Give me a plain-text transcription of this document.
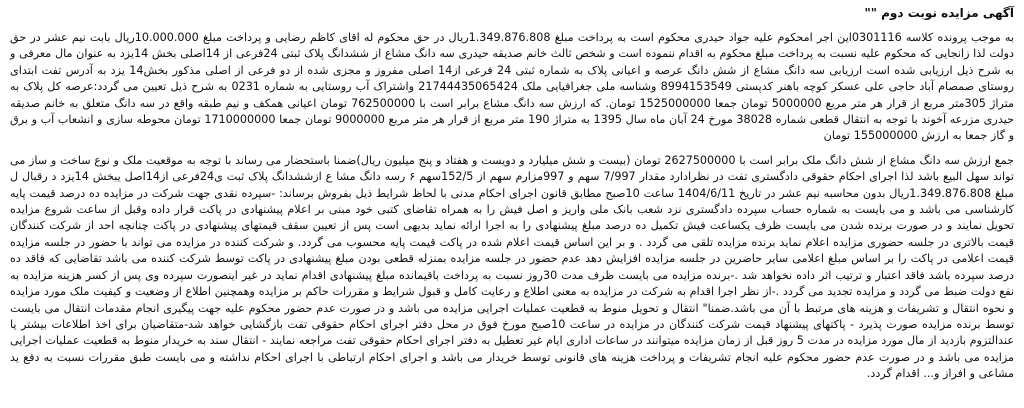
آگهی مزایده نوبت دوم ""

به موجب پرونده کلاسه 0301116این اجر امحکوم علیه جواد حیدری محکوم است به پرداخت مبلغ 1.349.876.808ریال در حق محکوم له اقای کاظم رضایی و پرداخت مبلغ 10.000.000ریال بابت نیم عشر در حق دولت لذا زانجایی که محکوم علیه نسبت به پرداخت مبلغ محکوم به اقدام ننموده است و شخص ثالث خانم صدیقه حیدری سه دانگ مشاع از ششدانگ پلاک ثبتی 24فرعی از 14اصلی بخش 14یزد به عنوان مال معرفی و به شرح ذیل ارزیابی شده است ارزیابی سه دانگ مشاع از شش دانگ عرصه و اعیانی پلاک به شماره ثبتی 24 فرعی از14 اصلی مفروز و مجزی شده از دو فرعی از اصلی مذکور بخش14 یزد به آدرس تفت ابتدای روستای صمصام آباد حاجی علی عسکر کوچه باهنر کدپستی 8994153549 وشناسه ملی جغرافیایی ملک 21744435065424 واشتراک آب روستایی به شماره 0231 به شرح ذیل تعیین می گردد:عرصه کل پلاک به متراژ 305متر مربع از قرار هر متر مربع 5000000 تومان جمعا 1525000000 تومان. که ارزش سه دانگ مشاع برابر است با 762500000 تومان اعیانی همکف و نیم طبقه واقع در سه دانگ متعلق به خانم صدیقه حیدری مزرعه آخوند با توجه به انتقال قطعی شماره 38028 مورخ 24 آبان ماه سال 1395 به متراژ 190 متر مربع از قرار هر متر مربع 9000000 تومان جمعا 1710000000 تومان محوطه سازی و انشعاب آب و برق و گاز جمعا به ارزش 155000000 تومان

جمع ارزش سه دانگ مشاع از شش دانگ ملک برابر است با 2627500000 تومان (بیست و شش میلیارد و دویست و هفتاد و پنج میلیون ریال)ضمنا باستحضار می رساند با توجه به موقعیت ملک و نوع ساخت و ساز می تواند سهل البیع باشد لذا اجرای احکام حقوقی دادگستری تفت در نظرادارد مقدار 7/997 سهم و 997مزارم سهم از 152/5سهم ۶ رسه دانگ مشا ع ازششدانگ پلاک ثبت ی24فرعی از14اصل یبخش 14یزد د رقبال ل مبلغ 1.349.876.808ریال بدون محاسبه نیم عشر در تاریخ 1404/6/11 ساعت 10صبح مطابق قانون اجرای احکام مدنی با لحاظ شرایط ذیل بفروش برساند: -سپرده نقدی جهت شرکت در مزایده ده درصد قیمت پایه کارشناسی می باشد و می بایست به شماره حساب سپرده دادگستری نزد شعب بانک ملی واریز و اصل فیش را به همراه تقاضای کتبی خود مبنی بر اعلام پیشنهادی در پاکت قرار داده وقبل از ساعت شروع مزایده تحویل نمایند و در صورت برنده شدن می بایست ظرف یکساعت فیش تکمیل ده درصد مبلغ پیشنهادی را به اجرا ارائه نماید بدیهی است پس از تعیین سقف قیمتهای پیشنهادی در پاکت چنانچه احد از شرکت کنندگان قیمت بالاتری در جلسه حضوری مزایده اعلام نماید برنده مزایده تلقی می گردد . و بر این اساس قیمت اعلام شده در پاکت قیمت پایه محسوب می گردد. و شرکت کننده در مزایده می تواند با حضور در جلسه مزایده قیمت اعلامی در پاکت را بر اساس مبلغ اعلامی سایر حاضرین در جلسه مزایده افزایش دهد عدم حضور در جلسه مزایده بمنزله قطعی بودن مبلغ پیشنهادی در پاکت توسط شرکت کننده می باشد تقاضایی که فاقد ده درصد سپرده باشد فاقد اعتبار و ترتیب اثر داده نخواهد شد .-برنده مزایده می بایست ظرف مدت 30روز نسبت به پرداخت باقیمانده مبلغ پیشنهادی اقدام نماید در غیر اینصورت سپرده وی پس از کسر هزینه مزایده به نفع دولت ضبط می گردد و مزایده تجدید می گردد .-از نظر اجرا اقدام به شرکت در مزایده به معنی اطلاع و رعایت کامل و قبول شرایط و مقررات حاکم بر مزایده وهمچنین اطلاع از وضعیت و کیفیت ملک مورد مزایده و نحوه انتقال و تشریفات و هزینه های مرتبط با آن می باشد.ضمنا" انتقال و تحویل منوط به قطعیت عملیات اجرایی مزایده می باشد و در صورت عدم حضور محکوم علیه جهت پیگیری انجام مقدمات انتقال می بایست توسط برنده مزایده صورت پذیرد - پاکتهای پیشنهاد قیمت شرکت کنندگان در مزایده در ساعت 10صبح مورخ فوق در محل دفتر اجرای احکام حقوقی تفت بازگشایی خواهد شد-متقاضیان برای اخذ اطلاعات بیشتر یا عندالتزوم بازدید از مال مورد مزایده در مدت 5 روز قبل از زمان مزایده میتوانند در ساعات اداری ایام غیر تعطیل به دفتر اجرای احکام حقوقی تفت مراجعه نمایند - انتقال سند به خریدار منوط به قطعیت عملیات اجرایی مزایده می باشد و در صورت عدم حضور محکوم علیه انجام تشریفات و پرداخت هزینه های قانونی توسط خریدار می باشد و اجرای احکام ارتباطی با اجرای احکام نداشته و می بایست طبق مقررات نسبت به دفع ید مشاعی و افراز و... اقدام گردد.
